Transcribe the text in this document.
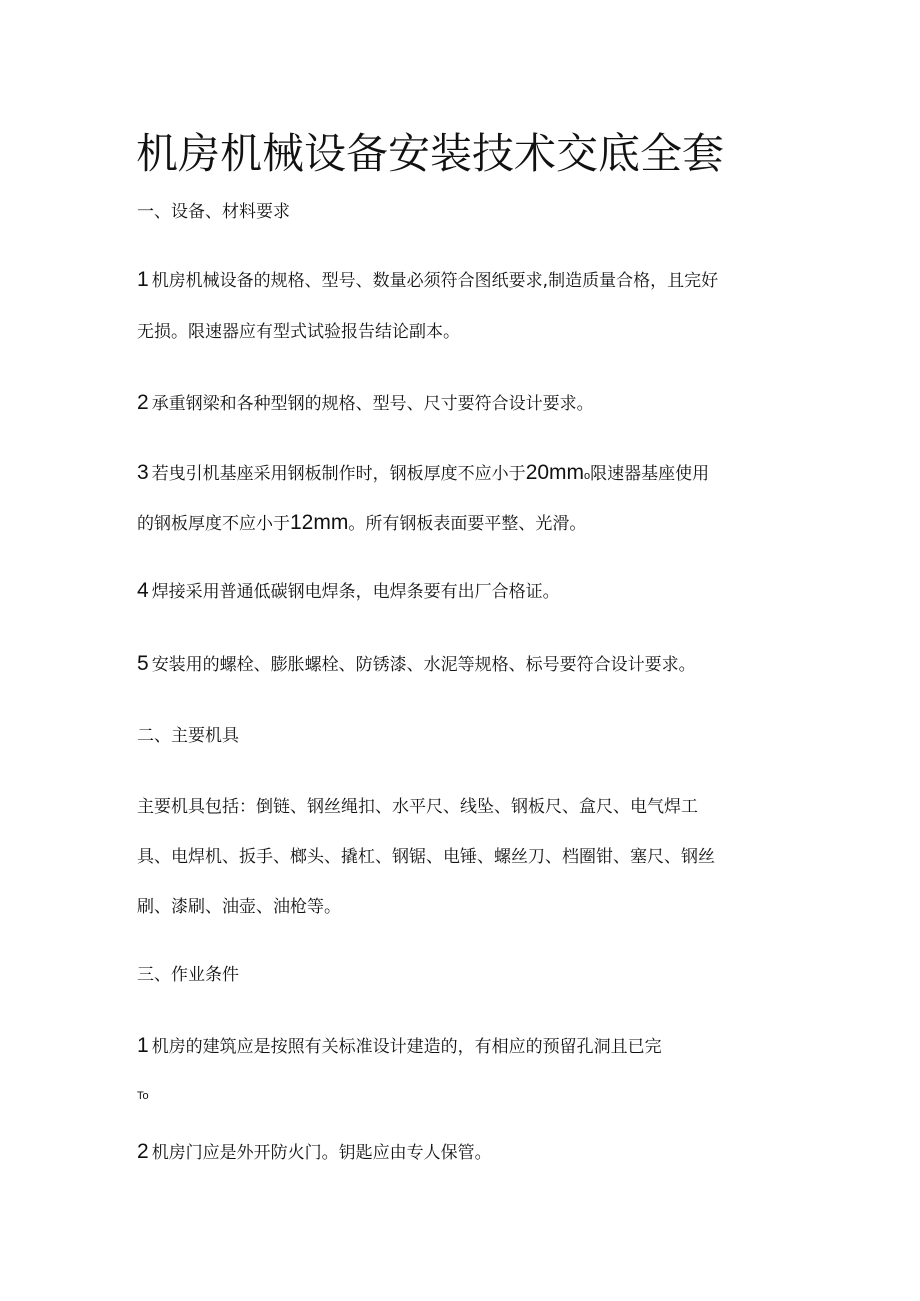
机房机械设备安装技术交底全套

一、设备、材料要求

1 机房机械设备的规格、型号、数量必须符合图纸要求,制造质量合格，且完好

无损。限速器应有型式试验报告结论副本。

2 承重钢梁和各种型钢的规格、型号、尺寸要符合设计要求。

3 若曳引机基座采用钢板制作时，钢板厚度不应小于20mmo限速器基座使用

的钢板厚度不应小于12mm。所有钢板表面要平整、光滑。

4 焊接采用普通低碳钢电焊条，电焊条要有出厂合格证。

5 安装用的螺栓、膨胀螺栓、防锈漆、水泥等规格、标号要符合设计要求。

二、主要机具

主要机具包括：倒链、钢丝绳扣、水平尺、线坠、钢板尺、盒尺、电气焊工

具、电焊机、扳手、榔头、撬杠、钢锯、电锤、螺丝刀、档圈钳、塞尺、钢丝

刷、漆刷、油壶、油枪等。

三、作业条件

1 机房的建筑应是按照有关标准设计建造的，有相应的预留孔洞且已完

To

2 机房门应是外开防火门。钥匙应由专人保管。
